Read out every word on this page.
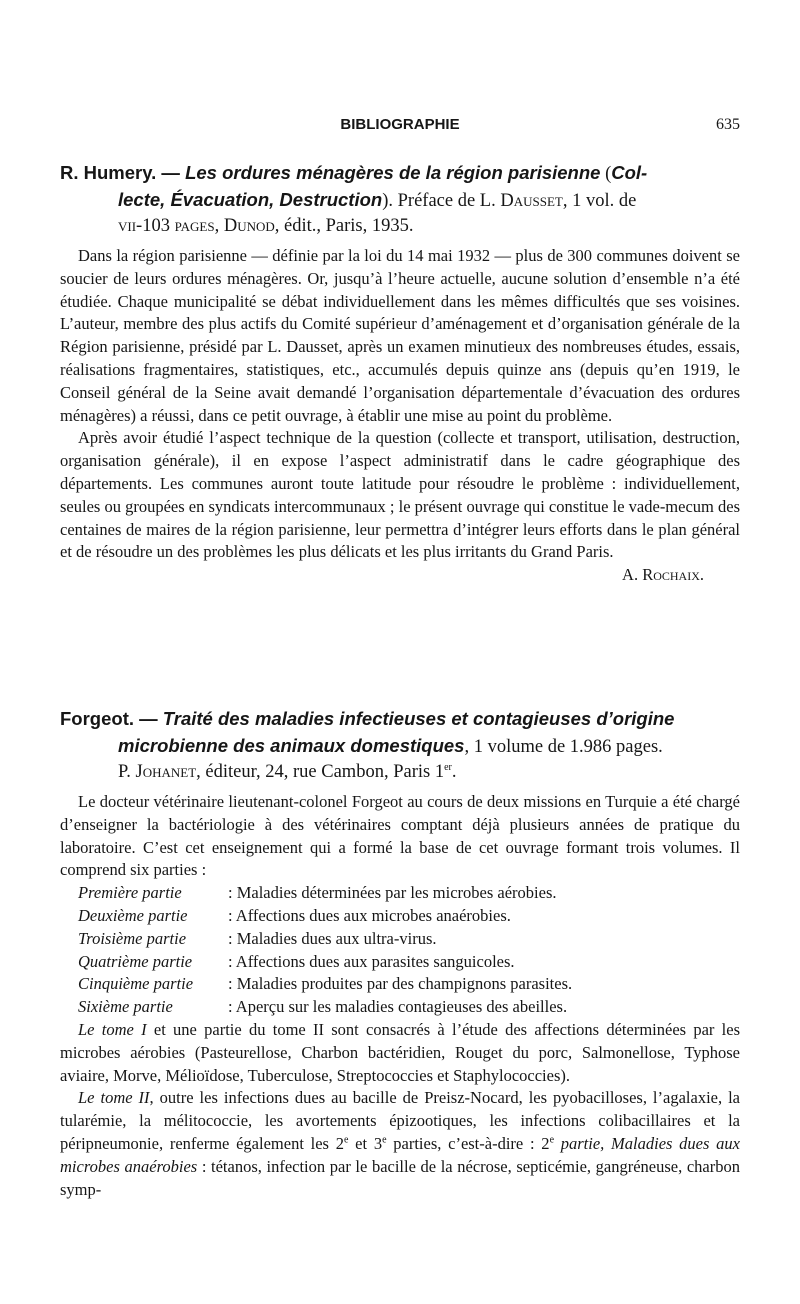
BIBLIOGRAPHIE	635
R. Humery. — Les ordures ménagères de la région parisienne (Col-
lecte, Évacuation, Destruction). Préface de L. Dausset, 1 vol. de
vii-103 pages, Dunod, édit., Paris, 1935.

Dans la région parisienne — définie par la loi du 14 mai 1932 — plus de 300 communes doivent se soucier de leurs ordures ménagères. Or, jusqu’à l’heure actuelle, aucune solution d’ensemble n’a été étudiée. Chaque municipalité se débat individuellement dans les mêmes difficultés que ses voisines. L’auteur, membre des plus actifs du Comité supérieur d’aménagement et d’organisation générale de la Région parisienne, présidé par L. Dausset, après un examen minutieux des nombreuses études, essais, réalisations fragmentaires, statistiques, etc., accumulés depuis quinze ans (depuis qu’en 1919, le Conseil général de la Seine avait demandé l’organisation départementale d’évacuation des ordures ménagères) a réussi, dans ce petit ouvrage, à établir une mise au point du problème.

Après avoir étudié l’aspect technique de la question (collecte et transport, utilisation, destruction, organisation générale), il en expose l’aspect administratif dans le cadre géographique des départements. Les communes auront toute latitude pour résoudre le problème : individuellement, seules ou groupées en syndicats intercommunaux ; le présent ouvrage qui constitue le vade-mecum des centaines de maires de la région parisienne, leur permettra d’intégrer leurs efforts dans le plan général et de résoudre un des problèmes les plus délicats et les plus irritants du Grand Paris.
A. Rochaix.

Forgeot. — Traité des maladies infectieuses et contagieuses d’origine
microbienne des animaux domestiques, 1 volume de 1.986 pages.
P. Johanet, éditeur, 24, rue Cambon, Paris 1er.

Le docteur vétérinaire lieutenant-colonel Forgeot au cours de deux missions en Turquie a été chargé d’enseigner la bactériologie à des vétérinaires comptant déjà plusieurs années de pratique du laboratoire. C’est cet enseignement qui a formé la base de cet ouvrage formant trois volumes. Il comprend six parties :

Première partie	: Maladies déterminées par les microbes aérobies.
Deuxième partie : Affections dues aux microbes anaérobies.
Troisième partie	: Maladies dues aux ultra-virus.
Quatrième partie : Affections dues aux parasites sanguicoles.
Cinquième partie : Maladies produites par des champignons parasites.
Sixième partie	: Aperçu sur les maladies contagieuses des abeilles.

Le tome I et une partie du tome II sont consacrés à l’étude des affections déterminées par les microbes aérobies (Pasteurellose, Charbon bactéridien, Rouget du porc, Salmonellose, Typhose aviaire, Morve, Mélioïdose, Tuberculose, Streptococcies et Staphylococcies).

Le tome II, outre les infections dues au bacille de Preisz-Nocard, les pyobacilloses, l’agalaxie, la tularémie, la mélitococcie, les avortements épizootiques, les infections colibacillaires et la péripneumonie, renferme également les 2e et 3e parties, c’est-à-dire : 2e partie, Maladies dues aux microbes anaérobies : tétanos, infection par le bacille de la nécrose, septicémie, gangréneuse, charbon symp-
